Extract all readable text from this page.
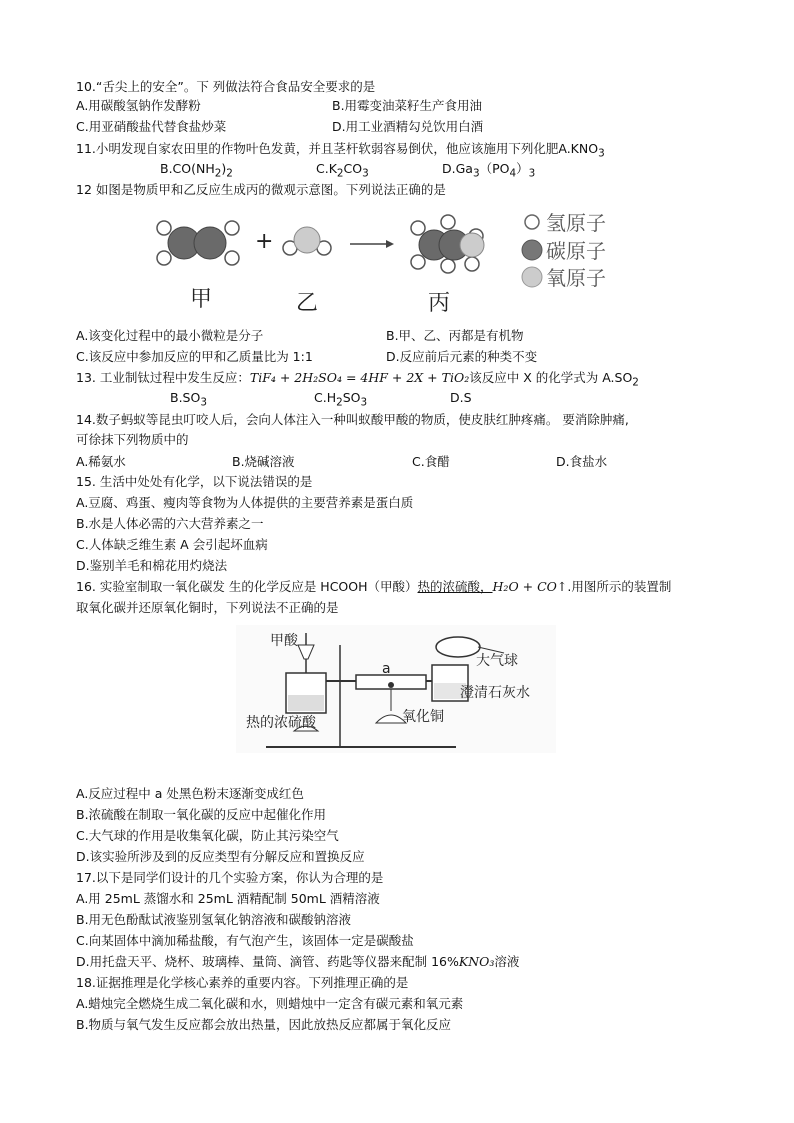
10.“舌尖上的安全”。下 列做法符合食品安全要求的是
A.用碳酸氢钠作发酵粉	B.用霉变油菜籽生产食用油
C.用亚硝酸盐代替食盐炒菜	D.用工业酒精勾兑饮用白酒
11.小明发现自家农田里的作物叶色发黄，并且茎杆软弱容易倒伏，他应该施用下列化肥$A.KNO_3$
$B.CO(NH_2)_2$	$C.K_2CO_3$	$D.Ga_3(PO_4)_3$
12 如图是物质甲和乙反应生成丙的微观示意图。下列说法正确的是
+
甲	乙	丙
氢原子
碳原子
氧原子
A.该变化过程中的最小微粒是分子	B.甲、乙、丙都是有机物
C.该反应中参加反应的甲和乙质量比为 1:1	D.反应前后元素的种类不变
13. 工业制钛过程中发生反应：TiF₄ + 2H₂SO₄ = 4HF + 2X + TiO₂该反应中 X 的化学式为 $A.SO_2$
$B.SO_3$	$C.H_2SO_3$	D.S
14.数子蚂蚁等昆虫叮咬人后，会向人体注入一种叫蚁酸甲酸的物质，使皮肤红肿疼痛。 要消除肿痛,
可徐抹下列物质中的
A.稀氨水	B.烧碱溶液	C.食醋	D.食盐水
15. 生活中处处有化学，以下说法错误的是
A.豆腐、鸡蛋、瘦肉等食物为人体提供的主要营养素是蛋白质
B.水是人体必需的六大营养素之一
C.人体缺乏维生素 A 会引起坏血病
D.鉴别羊毛和棉花用灼烧法
16. 实验室制取一氧化碳发 生的化学反应是 HCOOH（甲酸）热的浓硫酸，H₂O + CO↑.用图所示的装置制
取氧化碳并还原氧化铜时，下列说法不正确的是
甲酸
大气球
a
澄清石灰水
氧化铜
热的浓硫酸
A.反应过程中 a 处黑色粉末逐渐变成红色
B.浓硫酸在制取一氧化碳的反应中起催化作用
C.大气球的作用是收集氧化碳，防止其污染空气
D.该实验所涉及到的反应类型有分解反应和置换反应
17.以下是同学们设计的几个实验方案，你认为合理的是
A.用 25mL 蒸馏水和 25mL 酒精配制 50mL 酒精溶液
B.用无色酚酞试液鉴别氢氧化钠溶液和碳酸钠溶液
C.向某固体中滴加稀盐酸，有气泡产生，该固体一定是碳酸盐
D.用托盘天平、烧杯、玻璃棒、量筒、滴管、药匙等仪器来配制 16%KNO₃溶液
18.证据推理是化学核心素养的重要内容。下列推理正确的是
A.蜡烛完全燃烧生成二氧化碳和水，则蜡烛中一定含有碳元素和氧元素
B.物质与氧气发生反应都会放出热量，因此放热反应都属于氧化反应
